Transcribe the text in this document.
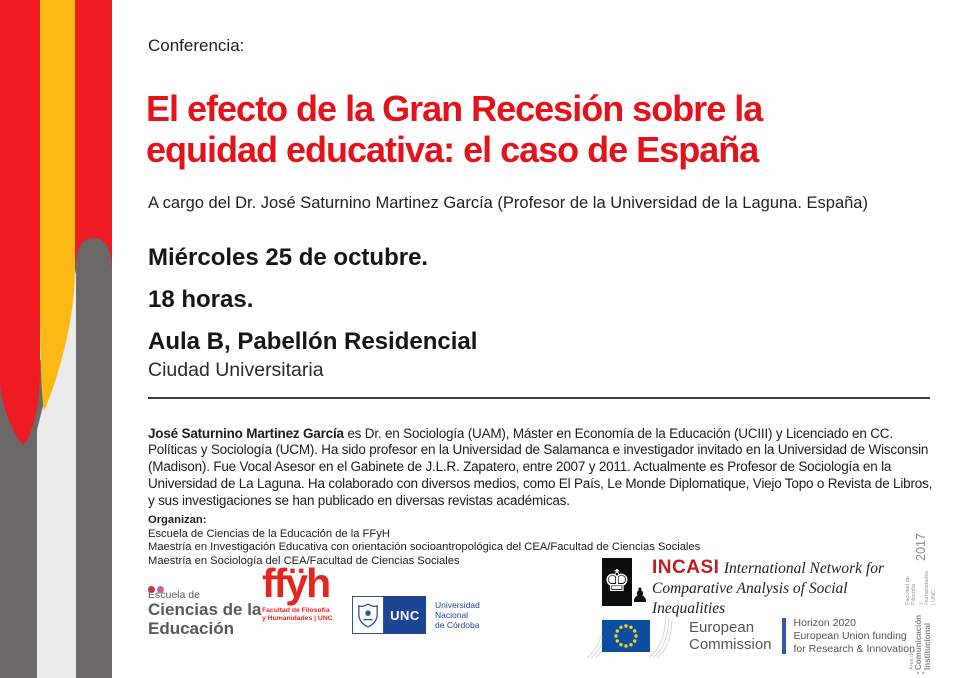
Conferencia:
El efecto de la Gran Recesión sobre la
equidad educativa: el caso de España
A cargo del Dr. José Saturnino Martinez García (Profesor de la Universidad de la Laguna. España)

Miércoles 25 de octubre.

18 horas.

Aula B, Pabellón Residencial

Ciudad Universitaria

José Saturnino Martinez García es Dr. en Sociología (UAM), Máster en Economía de la Educación (UCIII) y Licenciado en CC. Políticas y Sociología (UCM). Ha sido profesor en la Universidad de Salamanca e investigador invitado en la Universidad de Wisconsin (Madison). Fue Vocal Asesor en el Gabinete de J.L.R. Zapatero, entre 2007 y 2011. Actualmente es Profesor de Sociología en la Universidad de La Laguna. Ha colaborado con diversos medios, como El País, Le Monde Diplomatique, Viejo Topo o Revista de Libros, y sus investigaciones se han publicado en diversas revistas académicas.

Organizan:
Escuela de Ciencias de la Educación de la FFyH
Maestría en Investigación Educativa con orientación socioantropológica del CEA/Facultad de Ciencias Sociales
Maestría en Sociología del CEA/Facultad de Ciencias Sociales
Escuela de
Ciencias de la
Educación
ffÿh
Facultad de Filosofía
y Humanidades | UNC	UNC
Universidad
Nacional
de Córdoba
♚ ♟
INCASI International Network for
Comparative Analysis of Social Inequalities
European
Commission
Horizon 2020
European Union funding
for Research & Innovation
Área de Comunicación Institucional
Facultad de Filosofía y Humanidades | UNC
2017
